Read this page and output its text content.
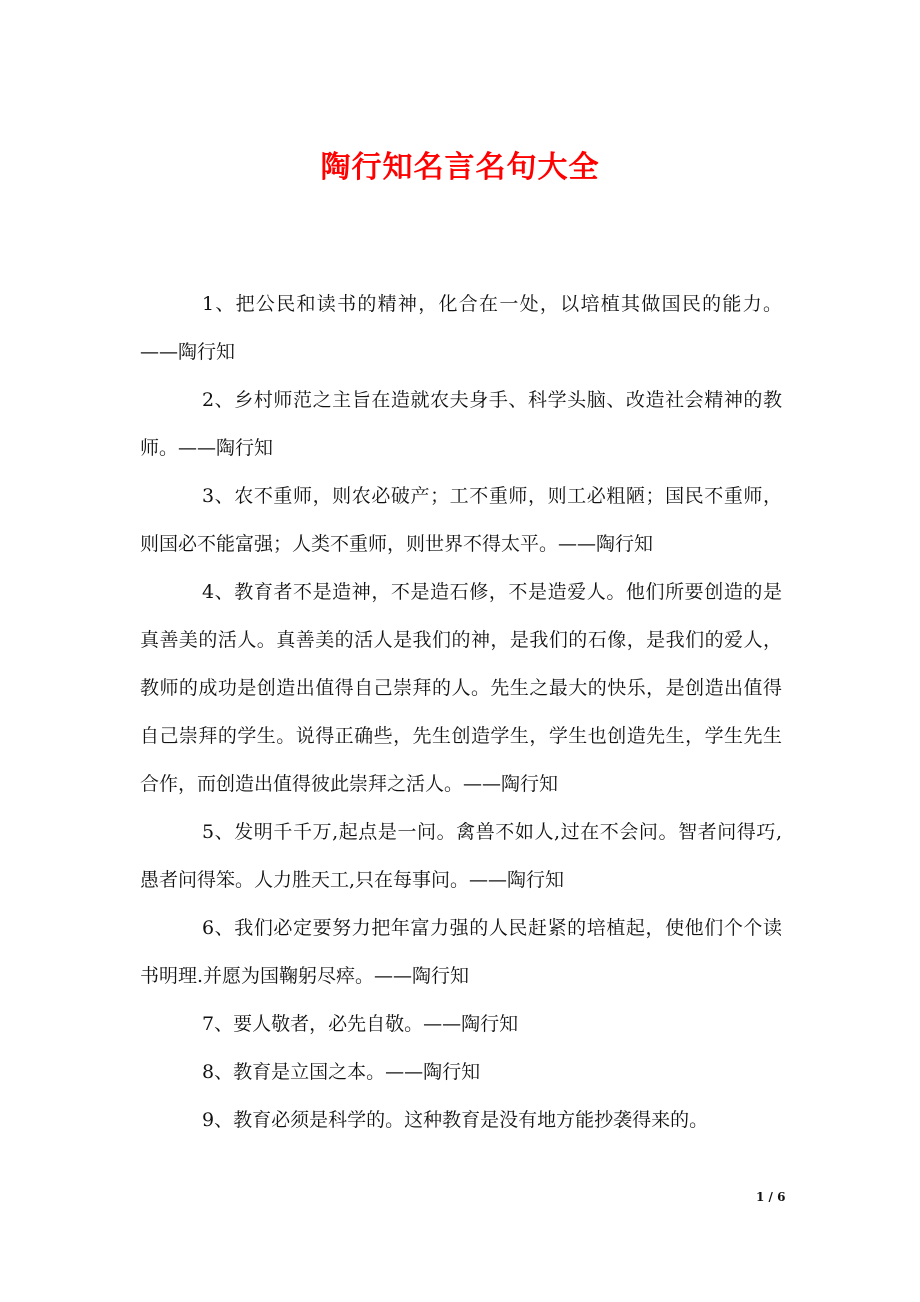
陶行知名言名句大全

1、把公民和读书的精神，化合在一处，以培植其做国民的能力。——陶行知

2、乡村师范之主旨在造就农夫身手、科学头脑、改造社会精神的教师。——陶行知

3、农不重师，则农必破产；工不重师，则工必粗陋；国民不重师，则国必不能富强；人类不重师，则世界不得太平。——陶行知

4、教育者不是造神，不是造石修，不是造爱人。他们所要创造的是真善美的活人。真善美的活人是我们的神，是我们的石像，是我们的爱人，教师的成功是创造出值得自己崇拜的人。先生之最大的快乐，是创造出值得自己崇拜的学生。说得正确些，先生创造学生，学生也创造先生，学生先生合作，而创造出值得彼此崇拜之活人。——陶行知

5、发明千千万,起点是一问。禽兽不如人,过在不会问。智者问得巧,愚者问得笨。人力胜天工,只在每事问。——陶行知

6、我们必定要努力把年富力强的人民赶紧的培植起，使他们个个读书明理.并愿为国鞠躬尽瘁。——陶行知

7、要人敬者，必先自敬。——陶行知

8、教育是立国之本。——陶行知

9、教育必须是科学的。这种教育是没有地方能抄袭得来的。

1 / 6
